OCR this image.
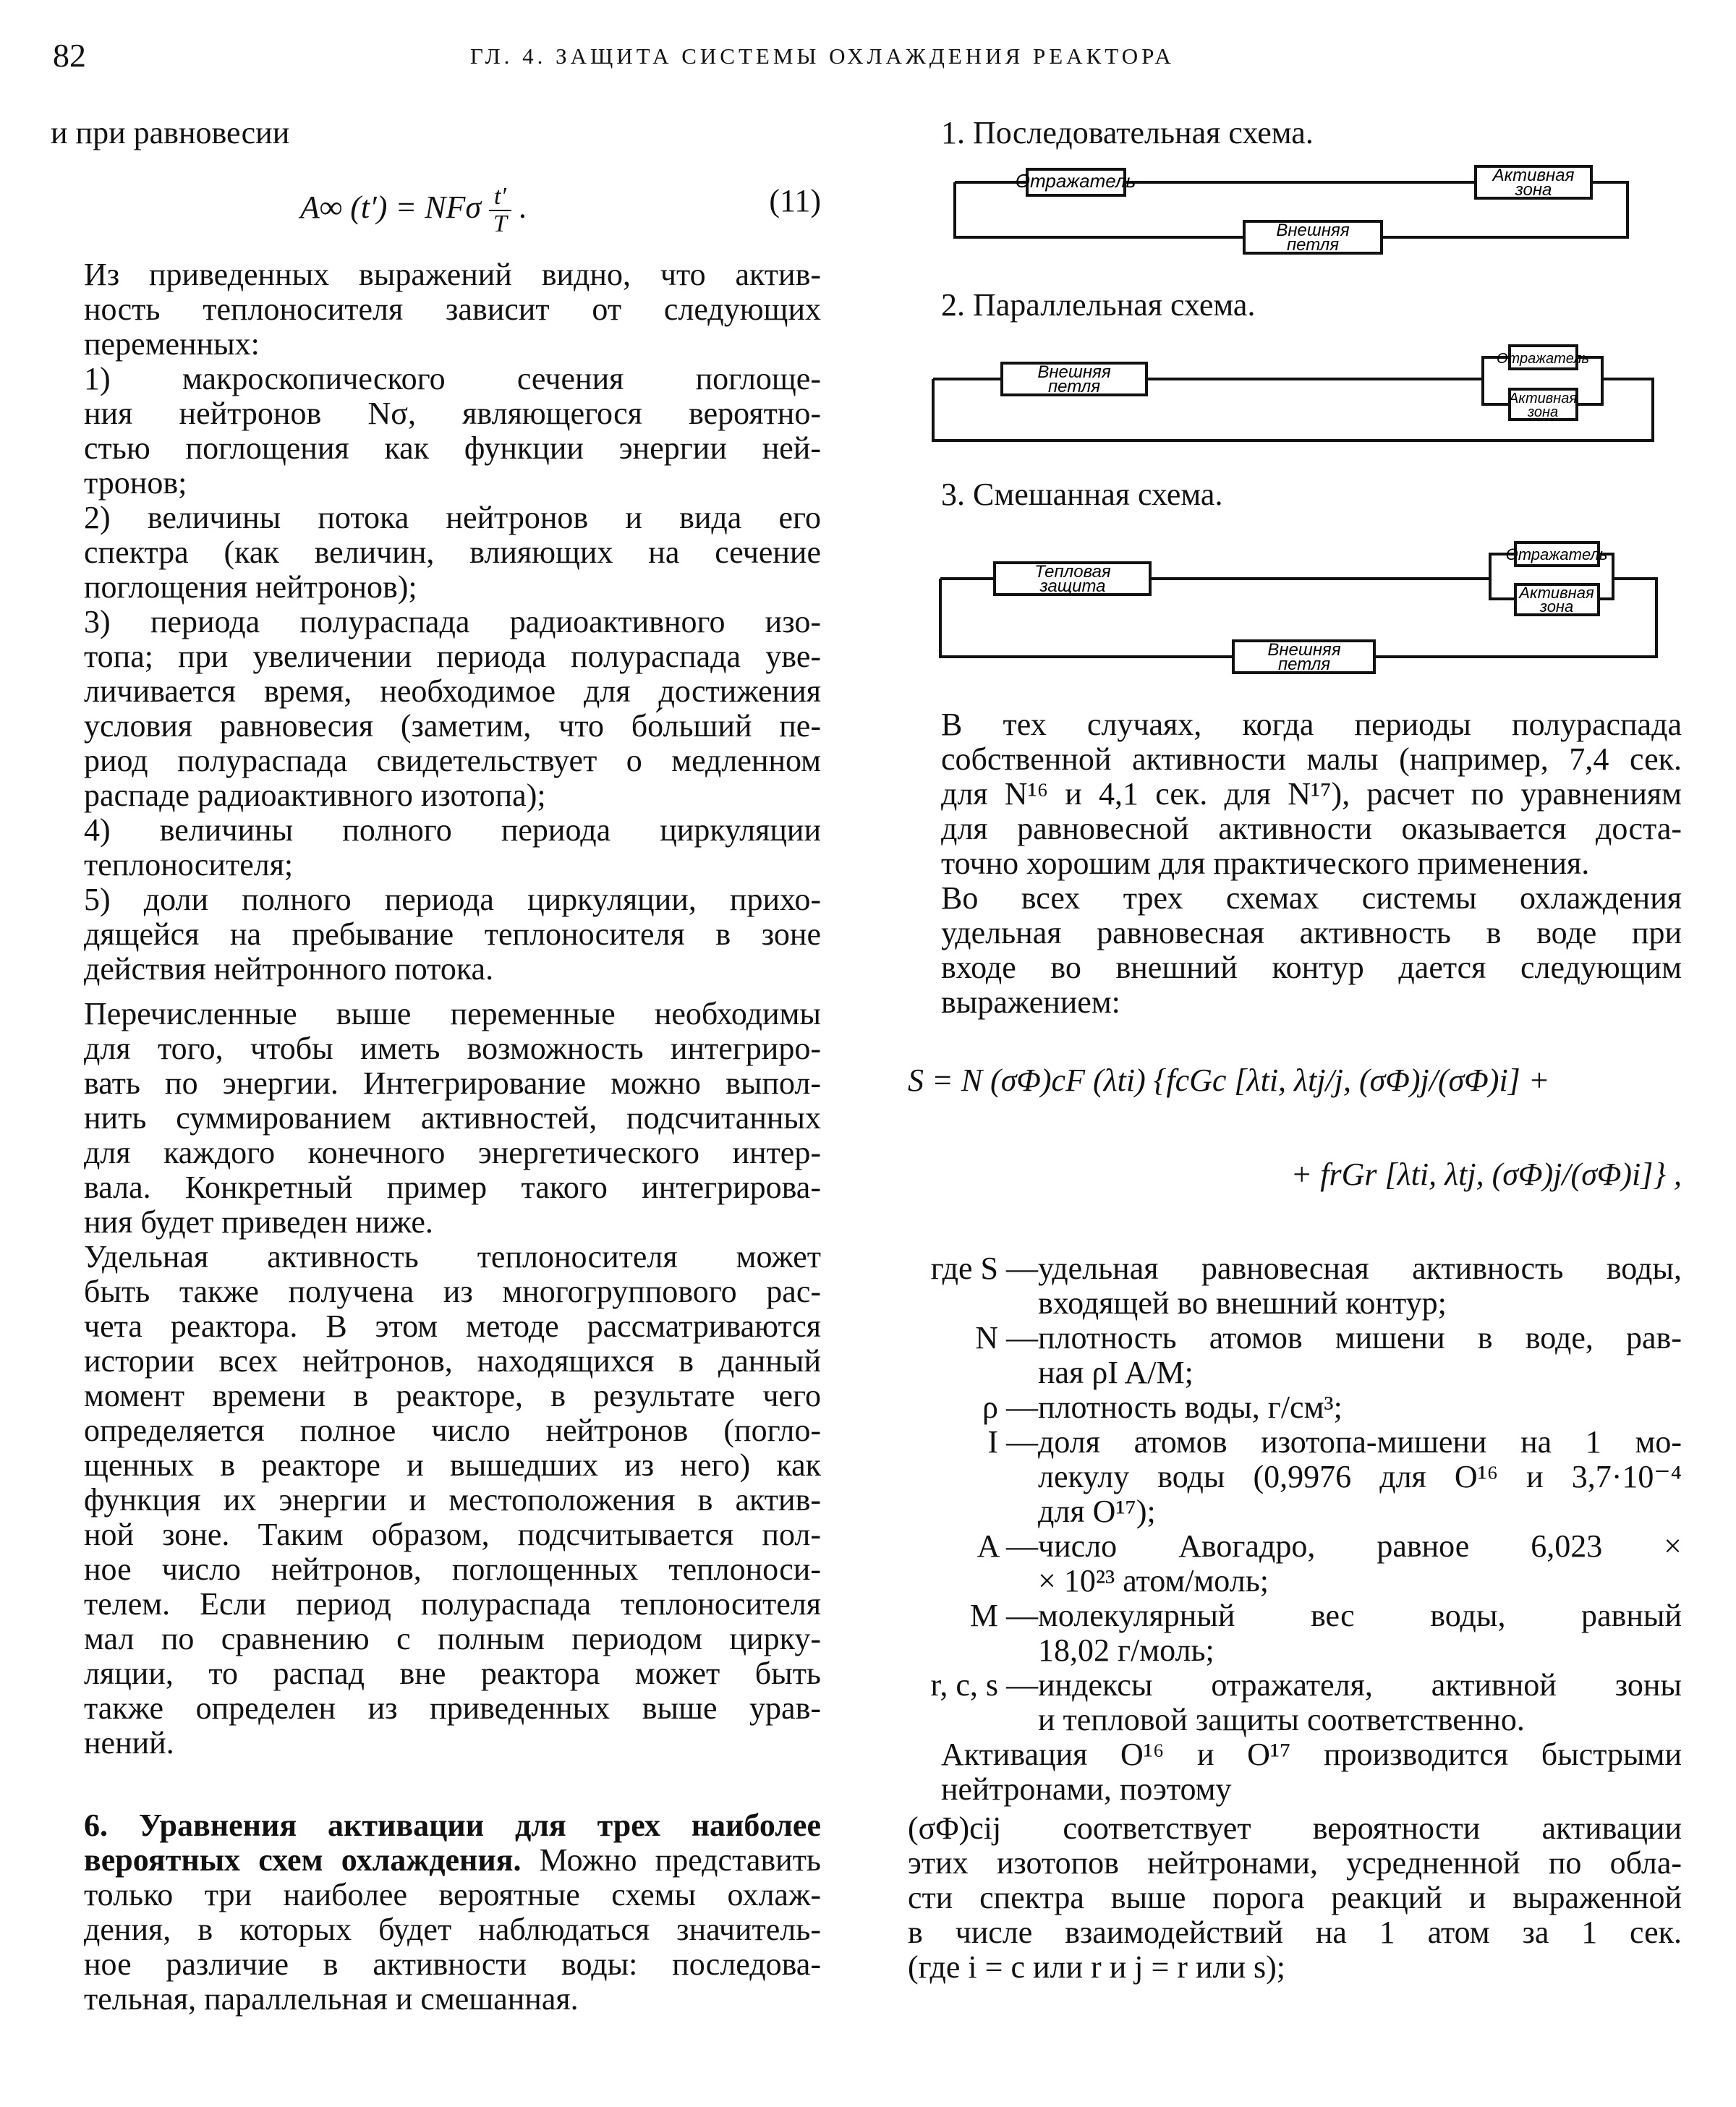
82	ГЛ. 4. ЗАЩИТА СИСТЕМЫ ОХЛАЖДЕНИЯ РЕАКТОРА

и при равновесии

A∞ (t′) = NFσ $\frac{t'}{T}$ .	(11)

Из приведенных выражений видно, что актив-
ность теплоносителя зависит от следующих
переменных:

1) макроскопического сечения поглоще-
ния нейтронов Nσ, являющегося вероятно-
стью поглощения как функции энергии ней-
тронов;

2) величины потока нейтронов и вида его
спектра (как величин, влияющих на сечение
поглощения нейтронов);

3) периода полураспада радиоактивного изо-
топа; при увеличении периода полураспада уве-
личивается время, необходимое для достижения
условия равновесия (заметим, что бо́льший пе-
риод полураспада свидетельствует о медленном
распаде радиоактивного изотопа);

4) величины полного периода циркуляции
теплоносителя;

5) доли полного периода циркуляции, прихо-
дящейся на пребывание теплоносителя в зоне
действия нейтронного потока.

Перечисленные выше переменные необходимы
для того, чтобы иметь возможность интегриро-
вать по энергии. Интегрирование можно выпол-
нить суммированием активностей, подсчитанных
для каждого конечного энергетического интер-
вала. Конкретный пример такого интегрирова-
ния будет приведен ниже.

Удельная активность теплоносителя может
быть также получена из многогруппового рас-
чета реактора. В этом методе рассматриваются
истории всех нейтронов, находящихся в данный
момент времени в реакторе, в результате чего
определяется полное число нейтронов (погло-
щенных в реакторе и вышедших из него) как
функция их энергии и местоположения в актив-
ной зоне. Таким образом, подсчитывается пол-
ное число нейтронов, поглощенных теплоноси-
телем. Если период полураспада теплоносителя
мал по сравнению с полным периодом цирку-
ляции, то распад вне реактора может быть
также определен из приведенных выше урав-
нений.

6. Уравнения активации для трех наиболее
вероятных схем охлаждения. Можно представить
только три наиболее вероятные схемы охлаж-
дения, в которых будет наблюдаться значитель-
ное различие в активности воды: последова-
тельная, параллельная и смешанная.

1. Последовательная схема.

Отражатель	Активная
зона
Внешняя
петля

2. Параллельная схема.

Внешняя
петля
Отражатель
Активная
зона

3. Смешанная схема.

Тепловая
защита
Отражатель
Активная
зона
Внешняя
петля

В тех случаях, когда периоды полураспада
собственной активности малы (например, 7,4 сек.
для N¹⁶ и 4,1 сек. для N¹⁷), расчет по уравнениям
для равновесной активности оказывается доста-
точно хорошим для практического применения.

Во всех трех схемах системы охлаждения
удельная равновесная активность в воде при
входе во внешний контур дается следующим
выражением:

S = N (σΦ)cF (λti) {fcGc [λti, λtj/j, (σΦ)j/(σΦ)i] +
+ frGr [λti, λtj, (σΦ)j/(σΦ)i]} ,
где S — удельная равновесная активность воды,
входящей во внешний контур;
N — плотность атомов мишени в воде, рав-
ная ρI A/M;
ρ — плотность воды, г/см³;
I — доля атомов изотопа-мишени на 1 мо-
лекулу воды (0,9976 для O¹⁶ и 3,7·10⁻⁴
для O¹⁷);
A — число Авогадро, равное 6,023 ×
× 10²³ атом/моль;
M — молекулярный вес воды, равный
18,02 г/моль;
r, c, s — индексы отражателя, активной зоны
и тепловой защиты соответственно.

Активация O¹⁶ и O¹⁷ производится быстрыми
нейтронами, поэтому

(σΦ)cij соответствует вероятности активации
этих изотопов нейтронами, усредненной по обла-
сти спектра выше порога реакций и выраженной
в числе взаимодействий на 1 атом за 1 сек.
(где i = c или r и j = r или s);
